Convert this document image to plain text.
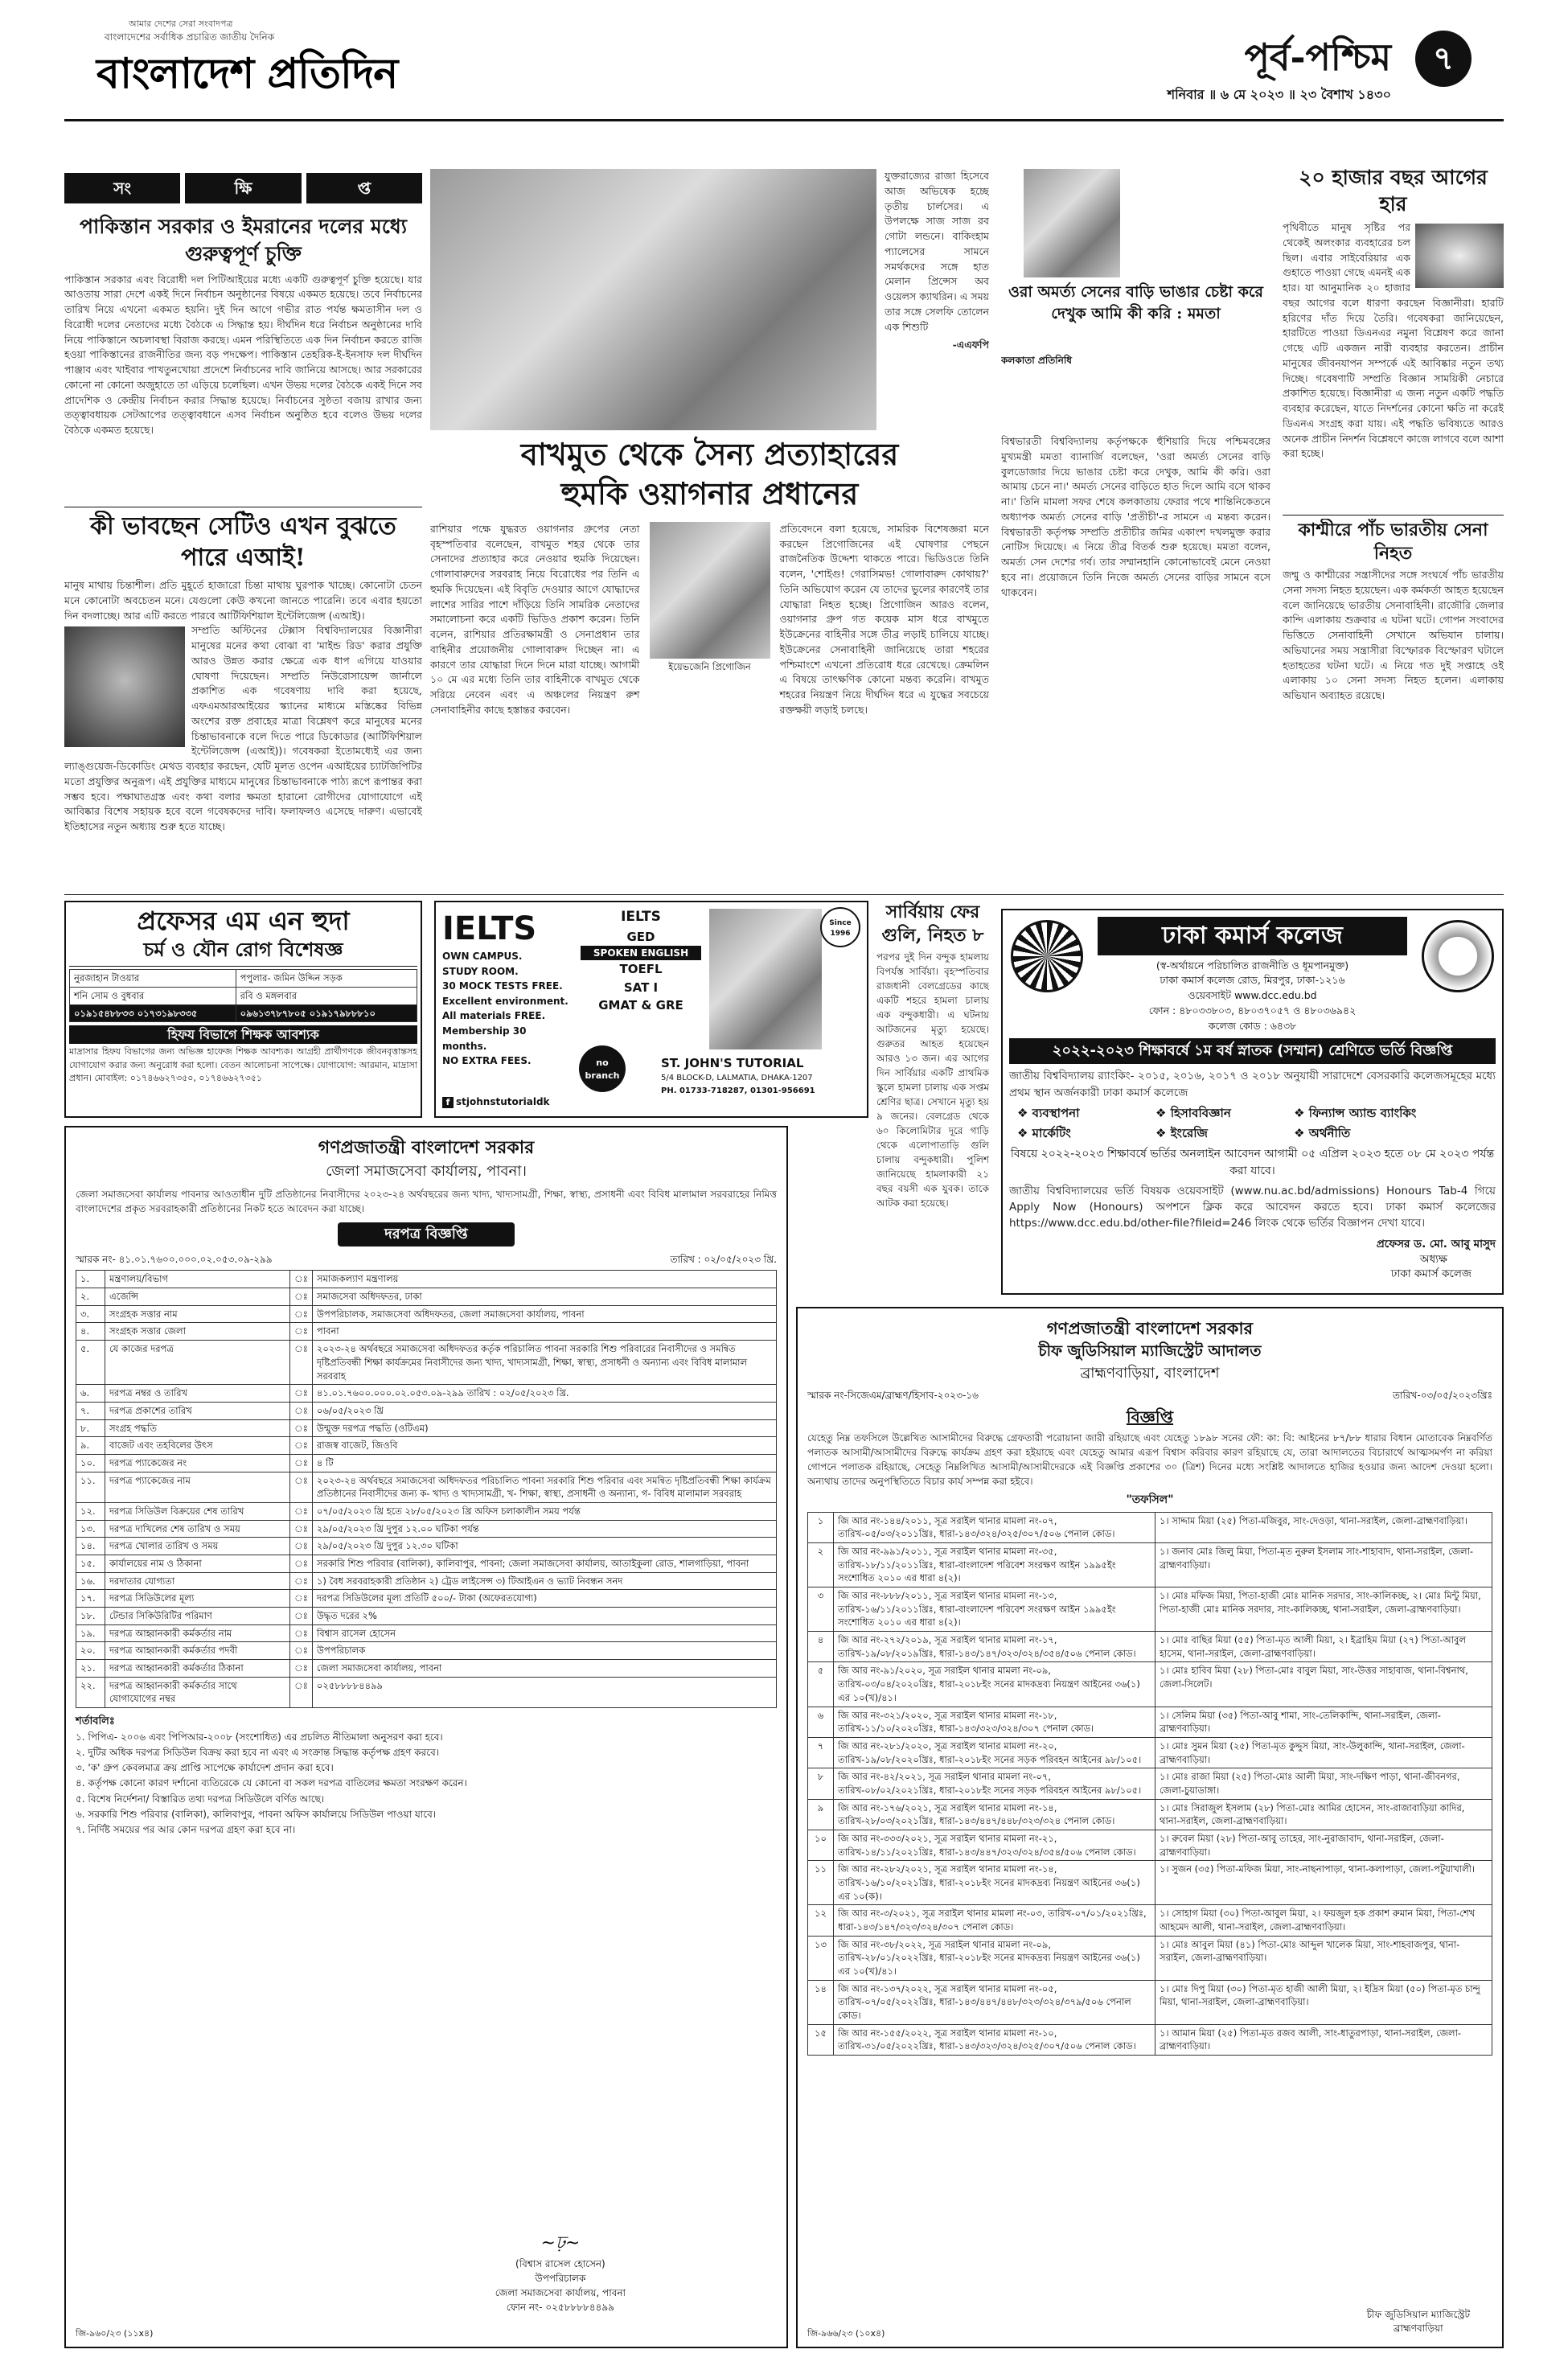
আমার দেশের সেরা সংবাদপত্র
বাংলাদেশের সর্বাধিক প্রচারিত জাতীয় দৈনিক
বাংলাদেশ প্রতিদিন	পূর্ব-পশ্চিম	৭
শনিবার ॥ ৬ মে ২০২৩ ॥ ২৩ বৈশাখ ১৪৩০
সং	ক্ষি	প্ত
পাকিস্তান সরকার ও ইমরানের দলের মধ্যে গুরুত্বপূর্ণ চুক্তি
পাকিস্তান সরকার এবং বিরোধী দল পিটিআইয়ের মধ্যে একটি গুরুত্বপূর্ণ চুক্তি হয়েছে। যার আওতায় সারা দেশে একই দিনে নির্বাচন অনুষ্ঠানের বিষয়ে একমত হয়েছে। তবে নির্বাচনের তারিখ নিয়ে এখনো একমত হয়নি। দুই দিন আগে গভীর রাত পর্যন্ত ক্ষমতাসীন দল ও বিরোধী দলের নেতাদের মধ্যে বৈঠকে এ সিদ্ধান্ত হয়। দীর্ঘদিন ধরে নির্বাচন অনুষ্ঠানের দাবি নিয়ে পাকিস্তানে অচলাবস্থা বিরাজ করছে। এমন পরিস্থিতিতে এক দিন নির্বাচন করতে রাজি হওয়া পাকিস্তানের রাজনীতির জন্য বড় পদক্ষেপ। পাকিস্তান তেহরিক-ই-ইনসাফ দল দীর্ঘদিন পাঞ্জাব এবং খাইবার পাখতুনখোয়া প্রদেশে নির্বাচনের দাবি জানিয়ে আসছে। আর সরকারের কোনো না কোনো অজুহাতে তা এড়িয়ে চলেছিল। এখন উভয় দলের বৈঠকে একই দিনে সব প্রাদেশিক ও কেন্দ্রীয় নির্বাচন করার সিদ্ধান্ত হয়েছে। নির্বাচনের সুষ্ঠতা বজায় রাখার জন্য তত্ত্বাবধায়ক সেটআপের তত্ত্বাবধানে এসব নির্বাচন অনুষ্ঠিত হবে বলেও উভয় দলের বৈঠকে একমত হয়েছে।
কী ভাবছেন সেটিও এখন বুঝতে পারে এআই!
মানুষ মাথায় চিন্তাশীল। প্রতি মুহূর্তে হাজারো চিন্তা মাথায় ঘুরপাক খাচ্ছে। কোনোটা চেতন মনে কোনোটা অবচেতন মনে। যেগুলো কেউ কখনো জানতে পারেনি। তবে এবার হয়তো দিন বদলাচ্ছে। আর এটি করতে পারবে আর্টিফিশিয়াল ইন্টেলিজেন্স (এআই)।
সম্প্রতি অস্টিনের টেক্সাস বিশ্ববিদ্যালয়ের বিজ্ঞানীরা মানুষের মনের কথা বোঝা বা 'মাইন্ড রিড' করার প্রযুক্তি আরও উন্নত করার ক্ষেত্রে এক ধাপ এগিয়ে যাওয়ার ঘোষণা দিয়েছেন। সম্প্রতি নিউরোসায়েন্স জার্নালে প্রকাশিত এক গবেষণায় দাবি করা হয়েছে, এফএমআরআইয়ের স্ক্যানের মাধ্যমে মস্তিষ্কের বিভিন্ন অংশের রক্ত প্রবাহের মাত্রা বিশ্লেষণ করে মানুষের মনের চিন্তাভাবনাকে বলে দিতে পারে ডিকোডার (আর্টিফিশিয়াল ইন্টেলিজেন্স (এআই))। গবেষকরা ইতোমধ্যেই এর জন্য ল্যাঙ্গুয়েজ-ডিকোডিং মেথড ব্যবহার করছেন, যেটি মূলত ওপেন এআইয়ের চ্যাটজিপিটির মতো প্রযুক্তির অনুরূপ। এই প্রযুক্তির মাধ্যমে মানুষের চিন্তাভাবনাকে পাঠ্য রূপে রূপান্তর করা সম্ভব হবে। পক্ষাঘাতগ্রস্ত এবং কথা বলার ক্ষমতা হারানো রোগীদের যোগাযোগে এই আবিষ্কার বিশেষ সহায়ক হবে বলে গবেষকদের দাবি। ফলাফলও এসেছে দারুণ। এভাবেই ইতিহাসের নতুন অধ্যায় শুরু হতে যাচ্ছে।
যুক্তরাজ্যের রাজা হিসেবে আজ অভিষেক হচ্ছে তৃতীয় চার্লসের। এ উপলক্ষে সাজ সাজ রব গোটা লন্ডনে। বাকিংহাম প্যালেসের সামনে সমর্থকদের সঙ্গে হাত মেলান প্রিন্সেস অব ওয়েলস ক্যাথরিন। এ সময় তার সঙ্গে সেলফি তোলেন এক শিশুটি
-এএফপি
বাখমুত থেকে সৈন্য প্রত্যাহারের
হুমকি ওয়াগনার প্রধানের
রাশিয়ার পক্ষে যুদ্ধরত ওয়াগনার গ্রুপের নেতা বৃহস্পতিবার বলেছেন, বাখমুত শহর থেকে তার সেনাদের প্রত্যাহার করে নেওয়ার হুমকি দিয়েছেন। গোলাবারুদের সরবরাহ নিয়ে বিরোধের পর তিনি এ হুমকি দিয়েছেন। এই বিবৃতি দেওয়ার আগে যোদ্ধাদের লাশের সারির পাশে দাঁড়িয়ে তিনি সামরিক নেতাদের সমালোচনা করে একটি ভিডিও প্রকাশ করেন। তিনি বলেন, রাশিয়ার প্রতিরক্ষামন্ত্রী ও সেনাপ্রধান তার বাহিনীর প্রয়োজনীয় গোলাবারুদ দিচ্ছেন না। এ কারণে তার যোদ্ধারা দিনে দিনে মারা যাচ্ছে। আগামী ১০ মে এর মধ্যে তিনি তার বাহিনীকে বাখমুত থেকে সরিয়ে নেবেন এবং এ অঞ্চলের নিয়ন্ত্রণ রুশ সেনাবাহিনীর কাছে হস্তান্তর করবেন।
ইয়েভজেনি প্রিগোজিন
প্রতিবেদনে বলা হয়েছে, সামরিক বিশেষজ্ঞরা মনে করছেন প্রিগোজিনের এই ঘোষণার পেছনে রাজনৈতিক উদ্দেশ্য থাকতে পারে। ভিডিওতে তিনি বলেন, 'শোইগু! গেরাসিমভ! গোলাবারুদ কোথায়?' তিনি অভিযোগ করেন যে তাদের ভুলের কারণেই তার যোদ্ধারা নিহত হচ্ছে। প্রিগোজিন আরও বলেন, ওয়াগনার গ্রুপ গত কয়েক মাস ধরে বাখমুতে ইউক্রেনের বাহিনীর সঙ্গে তীব্র লড়াই চালিয়ে যাচ্ছে। ইউক্রেনের সেনাবাহিনী জানিয়েছে তারা শহরের পশ্চিমাংশে এখনো প্রতিরোধ ধরে রেখেছে। ক্রেমলিন এ বিষয়ে তাৎক্ষণিক কোনো মন্তব্য করেনি। বাখমুত শহরের নিয়ন্ত্রণ নিয়ে দীর্ঘদিন ধরে এ যুদ্ধের সবচেয়ে রক্তক্ষয়ী লড়াই চলছে।
ওরা অমর্ত্য সেনের বাড়ি ভাঙার চেষ্টা করে দেখুক আমি কী করি : মমতা
কলকাতা প্রতিনিধি
বিশ্বভারতী বিশ্ববিদ্যালয় কর্তৃপক্ষকে হুঁশিয়ারি দিয়ে পশ্চিমবঙ্গের মুখ্যমন্ত্রী মমতা ব্যানার্জি বলেছেন, 'ওরা অমর্ত্য সেনের বাড়ি বুলডোজার দিয়ে ভাঙার চেষ্টা করে দেখুক, আমি কী করি। ওরা আমায় চেনে না।' অমর্ত্য সেনের বাড়িতে হাত দিলে আমি বসে থাকব না।' তিনি মামলা সফর শেষে কলকাতায় ফেরার পথে শান্তিনিকেতনে অধ্যাপক অমর্ত্য সেনের বাড়ি 'প্রতীচী'-র সামনে এ মন্তব্য করেন। বিশ্বভারতী কর্তৃপক্ষ সম্প্রতি প্রতীচীর জমির একাংশ দখলমুক্ত করার নোটিস দিয়েছে। এ নিয়ে তীব্র বিতর্ক শুরু হয়েছে। মমতা বলেন, অমর্ত্য সেন দেশের গর্ব। তার সম্মানহানি কোনোভাবেই মেনে নেওয়া হবে না। প্রয়োজনে তিনি নিজে অমর্ত্য সেনের বাড়ির সামনে বসে থাকবেন।
২০ হাজার বছর আগের হার
পৃথিবীতে মানুষ সৃষ্টির পর থেকেই অলংকার ব্যবহারের চল ছিল। এবার সাইবেরিয়ার এক গুহাতে পাওয়া গেছে এমনই এক হার। যা আনুমানিক ২০ হাজার বছর আগের বলে ধারণা করছেন বিজ্ঞানীরা। হারটি হরিণের দাঁত দিয়ে তৈরি। গবেষকরা জানিয়েছেন, হারটিতে পাওয়া ডিএনএর নমুনা বিশ্লেষণ করে জানা গেছে এটি একজন নারী ব্যবহার করতেন। প্রাচীন মানুষের জীবনযাপন সম্পর্কে এই আবিষ্কার নতুন তথ্য দিচ্ছে। গবেষণাটি সম্প্রতি বিজ্ঞান সাময়িকী নেচারে প্রকাশিত হয়েছে। বিজ্ঞানীরা এ জন্য নতুন একটি পদ্ধতি ব্যবহার করেছেন, যাতে নিদর্শনের কোনো ক্ষতি না করেই ডিএনএ সংগ্রহ করা যায়। এই পদ্ধতি ভবিষ্যতে আরও অনেক প্রাচীন নিদর্শন বিশ্লেষণে কাজে লাগবে বলে আশা করা হচ্ছে।
কাশ্মীরে পাঁচ ভারতীয় সেনা নিহত
জম্মু ও কাশ্মীরের সন্ত্রাসীদের সঙ্গে সংঘর্ষে পাঁচ ভারতীয় সেনা সদস্য নিহত হয়েছেন। এক কর্মকর্তা আহত হয়েছেন বলে জানিয়েছে ভারতীয় সেনাবাহিনী। রাজৌরি জেলার কান্দি এলাকায় শুক্রবার এ ঘটনা ঘটে। গোপন সংবাদের ভিত্তিতে সেনাবাহিনী সেখানে অভিযান চালায়। অভিযানের সময় সন্ত্রাসীরা বিস্ফোরক বিস্ফোরণ ঘটালে হতাহতের ঘটনা ঘটে। এ নিয়ে গত দুই সপ্তাহে ওই এলাকায় ১০ সেনা সদস্য নিহত হলেন। এলাকায় অভিযান অব্যাহত রয়েছে।
প্রফেসর এম এন হুদা
চর্ম ও যৌন রোগ বিশেষজ্ঞ
নুরজাহান টাওয়ার	পপুলার- জমিন উদ্দিন সড়ক
শনি সোম ও বুধবার	রবি ও মঙ্গলবার
০১৯১৫৪৮৮৩৩ ০১৭৩১৯৮৩৩৫	০৯৬১৩৭৮৭৮০৫ ০১৯১৭৯৮৮৮১০
হিফয বিভাগে শিক্ষক আবশ্যক
মাদ্রাসার হিফয বিভাগের জন্য অভিজ্ঞ হাফেজ শিক্ষক আবশ্যক। আগ্রহী প্রার্থীগণকে জীবনবৃত্তান্তসহ যোগাযোগ করার জন্য অনুরোধ করা হলো। বেতন আলোচনা সাপেক্ষে। যোগাযোগ: আরমান, মাদ্রাসা প্রধান। মোবাইল: ০১৭৪৬৬২৭৩৫০, ০১৭৪৬৬২৭৩৫১
IELTS
OWN CAMPUS.
STUDY ROOM.
30 MOCK TESTS FREE.
Excellent environment.
All materials FREE.
Membership 30 months.
NO EXTRA FEES.
IELTS
GED
SPOKEN ENGLISH
TOEFL
SAT I
GMAT & GRE
Since 1996
no branch
ST. JOHN'S TUTORIAL
5/4 BLOCK-D, LALMATIA, DHAKA-1207
PH. 01733-718287, 01301-956691
f stjohnstutorialdk
সার্বিয়ায় ফের গুলি, নিহত ৮
পরপর দুই দিন বন্দুক হামলায় বিপর্যস্ত সার্বিয়া। বৃহস্পতিবার রাজধানী বেলগ্রেডের কাছে একটি শহরে হামলা চালায় এক বন্দুকধারী। এ ঘটনায় আটজনের মৃত্যু হয়েছে। গুরুতর আহত হয়েছেন আরও ১৩ জন। এর আগের দিন সার্বিয়ার একটি প্রাথমিক স্কুলে হামলা চালায় এক সপ্তম শ্রেণির ছাত্র। সেখানে মৃত্যু হয় ৯ জনের। বেলগ্রেড থেকে ৬০ কিলোমিটার দূরে গাড়ি থেকে এলোপাতাড়ি গুলি চালায় বন্দুকধারী। পুলিশ জানিয়েছে হামলাকারী ২১ বছর বয়সী এক যুবক। তাকে আটক করা হয়েছে।
ঢাকা কমার্স কলেজ
(স্ব-অর্থায়নে পরিচালিত রাজনীতি ও ধূমপানমুক্ত)
ঢাকা কমার্স কলেজ রোড, মিরপুর, ঢাকা-১২১৬
ওয়েবসাইট www.dcc.edu.bd
ফোন : ৪৮০৩৩৮০৩, ৪৮০৩৭০৫৭ ও ৪৮০৩৬৯৪২
কলেজ কোড : ৬৪৩৮
২০২২-২০২৩ শিক্ষাবর্ষে ১ম বর্ষ স্নাতক (সম্মান) শ্রেণিতে ভর্তি বিজ্ঞপ্তি
জাতীয় বিশ্ববিদ্যালয় র‍্যাংকিং- ২০১৫, ২০১৬, ২০১৭ ও ২০১৮ অনুযায়ী সারাদেশে বেসরকারি কলেজসমূহের মধ্যে প্রথম স্থান অর্জনকারী ঢাকা কমার্স কলেজে
❖ ব্যবস্থাপনা	❖ হিসাববিজ্ঞান	❖ ফিন্যান্স অ্যান্ড ব্যাংকিং
❖ মার্কেটিং	❖ ইংরেজি	❖ অর্থনীতি
বিষয়ে ২০২২-২০২৩ শিক্ষাবর্ষে ভর্তির অনলাইন আবেদন আগামী ০৫ এপ্রিল ২০২৩ হতে ০৮ মে ২০২৩ পর্যন্ত করা যাবে।
জাতীয় বিশ্ববিদ্যালয়ের ভর্তি বিষয়ক ওয়েবসাইট (www.nu.ac.bd/admissions) Honours Tab-4 গিয়ে Apply Now (Honours) অপশনে ক্লিক করে আবেদন করতে হবে। ঢাকা কমার্স কলেজের https://www.dcc.edu.bd/other-file?fileid=246 লিংক থেকে ভর্তির বিজ্ঞাপন দেখা যাবে।
প্রফেসর ড. মো. আবু মাসুদ
অধ্যক্ষ
ঢাকা কমার্স কলেজ
গণপ্রজাতন্ত্রী বাংলাদেশ সরকার
জেলা সমাজসেবা কার্যালয়, পাবনা।
জেলা সমাজসেবা কার্যালয় পাবনার আওতাধীন দুটি প্রতিষ্ঠানের নিবাসীদের ২০২৩-২৪ অর্থবছরের জন্য খাদ্য, খাদ্যসামগ্রী, শিক্ষা, স্বাস্থ্য, প্রসাধনী এবং বিবিধ মালামাল সরবরাহের নিমিত্ত বাংলাদেশের প্রকৃত সরবরাহকারী প্রতিষ্ঠানের নিকট হতে আবেদন করা যাচ্ছে।
দরপত্র বিজ্ঞপ্তি
স্মারক নং- ৪১.০১.৭৬০০.০০০.০২.০৫৩.০৯-২৯৯	তারিখ : ০২/০৫/২০২৩ খ্রি.
১.	মন্ত্রণালয়/বিভাগ	ঃ	সমাজকল্যাণ মন্ত্রণালয়
২.	এজেন্সি	ঃ	সমাজসেবা অধিদফতর, ঢাকা
৩.	সংগ্রহক সত্তার নাম	ঃ	উপপরিচালক, সমাজসেবা অধিদফতর, জেলা সমাজসেবা কার্যালয়, পাবনা
৪.	সংগ্রহক সত্তার জেলা	ঃ	পাবনা
৫.	যে কাজের দরপত্র	ঃ	২০২৩-২৪ অর্থবছরে সমাজসেবা অধিদফতর কর্তৃক পরিচালিত পাবনা সরকারি শিশু পরিবারের নিবাসীদের ও সমন্বিত দৃষ্টিপ্রতিবন্ধী শিক্ষা কার্যক্রমের নিবাসীদের জন্য খাদ্য, খাদ্যসামগ্রী, শিক্ষা, স্বাস্থ্য, প্রসাধনী ও অন্যান্য এবং বিবিধ মালামাল সরবরাহ
৬.	দরপত্র নম্বর ও তারিখ	ঃ	৪১.০১.৭৬০০.০০০.০২.০৫৩.০৯-২৯৯ তারিখ : ০২/০৫/২০২৩ খ্রি.
৭.	দরপত্র প্রকাশের তারিখ	ঃ	০৬/০৫/২০২৩ খ্রি
৮.	সংগ্রহ পদ্ধতি	ঃ	উন্মুক্ত দরপত্র পদ্ধতি (ওটিএম)
৯.	বাজেট এবং তহবিলের উৎস	ঃ	রাজস্ব বাজেট, জিওবি
১০.	দরপত্র প্যাকেজের নং	ঃ	৪ টি
১১.	দরপত্র প্যাকেজের নাম	ঃ	২০২৩-২৪ অর্থবছরে সমাজসেবা অধিদফতর পরিচালিত পাবনা সরকারি শিশু পরিবার এবং সমন্বিত দৃষ্টিপ্রতিবন্ধী শিক্ষা কার্যক্রম প্রতিষ্ঠানের নিবাসীদের জন্য ক- খাদ্য ও খাদ্যসামগ্রী, খ- শিক্ষা, স্বাস্থ্য, প্রসাধনী ও অন্যান্য, গ- বিবিধ মালামাল সরবরাহ
১২.	দরপত্র সিডিউল বিক্রয়ের শেষ তারিখ	ঃ	০৭/০৫/২০২৩ খ্রি হতে ২৮/০৫/২০২৩ খ্রি অফিস চলাকালীন সময় পর্যন্ত
১৩.	দরপত্র দাখিলের শেষ তারিখ ও সময়	ঃ	২৯/০৫/২০২৩ খ্রি দুপুর ১২.০০ ঘটিকা পর্যন্ত
১৪.	দরপত্র খোলার তারিখ ও সময়	ঃ	২৯/০৫/২০২৩ খ্রি দুপুর ১২.৩০ ঘটিকা
১৫.	কার্যালয়ের নাম ও ঠিকানা	ঃ	সরকারি শিশু পরিবার (বালিকা), কালিবাপুর, পাবনা; জেলা সমাজসেবা কার্যালয়, আতাইকুলা রোড, শালগাড়িয়া, পাবনা
১৬.	দরদাতার যোগ্যতা	ঃ	১) বৈধ সরবরাহকারী প্রতিষ্ঠান ২) ট্রেড লাইসেন্স ৩) টিআইএন ও ভ্যাট নিবন্ধন সনদ
১৭.	দরপত্র সিডিউলের মূল্য	ঃ	দরপত্র সিডিউলের মূল্য প্রতিটি ৫০০/- টাকা (অফেরতযোগ্য)
১৮.	টেন্ডার সিকিউরিটির পরিমাণ	ঃ	উদ্ধৃত দরের ২%
১৯.	দরপত্র আহ্বানকারী কর্মকর্তার নাম	ঃ	বিশ্বাস রাসেল হোসেন
২০.	দরপত্র আহ্বানকারী কর্মকর্তার পদবী	ঃ	উপপরিচালক
২১.	দরপত্র আহ্বানকারী কর্মকর্তার ঠিকানা	ঃ	জেলা সমাজসেবা কার্যালয়, পাবনা
২২.	দরপত্র আহ্বানকারী কর্মকর্তার সাথে যোগাযোগের নম্বর	ঃ	০২৫৮৮৮৮৪৪৯৯
শর্তাবলিঃ
১. পিপিএ- ২০০৬ এবং পিপিআর-২০০৮ (সংশোধিত) এর প্রচলিত নীতিমালা অনুসরণ করা হবে।
২. দুটির অধিক দরপত্র সিডিউল বিক্রয় করা হবে না এবং এ সংক্রান্ত সিদ্ধান্ত কর্তৃপক্ষ গ্রহণ করবে।
৩. 'ক' গ্রুপ কেবলমাত্র ক্রয় প্রাপ্তি সাপেক্ষে কার্যাদেশ প্রদান করা হবে।
৪. কর্তৃপক্ষ কোনো কারণ দর্শানো ব্যতিরেকে যে কোনো বা সকল দরপত্র বাতিলের ক্ষমতা সংরক্ষণ করেন।
৫. বিশেষ নির্দেশনা/ বিস্তারিত তথ্য দরপত্র সিডিউলে বর্ণিত আছে।
৬. সরকারি শিশু পরিবার (বালিকা), কালিবাপুর, পাবনা অফিস কার্যালয়ে সিডিউল পাওয়া যাবে।
৭. নির্দিষ্ট সময়ের পর আর কোন দরপত্র গ্রহণ করা হবে না।
~ঢ়~
(বিশ্বাস রাসেল হোসেন)
উপপরিচালক
জেলা সমাজসেবা কার্যালয়, পাবনা
ফোন নং- ০২৫৮৮৮৮৪৪৯৯
জি-৯৬০/২৩ (১১x৪)
গণপ্রজাতন্ত্রী বাংলাদেশ সরকার
চীফ জুডিসিয়াল ম্যাজিস্ট্রেট আদালত
ব্রাহ্মণবাড়িয়া, বাংলাদেশ
স্মারক নং-সিজেএম/ব্রাহ্মণ/হিসাব-২০২৩-১৬	তারিখ-০৩/০৫/২০২৩খ্রিঃ
বিজ্ঞপ্তি
যেহেতু নিম্ন তফসিলে উল্লেখিত আসামীদের বিরুদ্ধে গ্রেফতারী পরোয়ানা জারী রহিয়াছে এবং যেহেতু ১৮৯৮ সনের ফৌ: কা: বি: আইনের ৮৭/৮৮ ধারার বিধান মোতাবেক নিম্নবর্ণিত পলাতক আসামী/আসামীদের বিরুদ্ধে কার্যক্রম গ্রহণ করা হইয়াছে এবং যেহেতু আমার এরূপ বিশ্বাস করিবার কারণ রহিয়াছে যে, তারা আদালতের বিচারার্থে আত্মসমর্পণ না করিয়া গোপনে পলাতক রহিয়াছে, সেহেতু নিম্নলিখিত আসামী/আসামীদেরকে এই বিজ্ঞপ্তি প্রকাশের ৩০ (ত্রিশ) দিনের মধ্যে সংশ্লিষ্ট আদালতে হাজির হওয়ার জন্য আদেশ দেওয়া হলো। অন্যথায় তাদের অনুপস্থিতিতে বিচার কার্য সম্পন্ন করা হইবে।
"তফসিল"
১	জি আর নং-১৪৪/২০১১, সূত্র সরাইল থানার মামলা নং-০৭, তারিখ-০৫/০৩/২০১১খ্রিঃ, ধারা-১৪৩/৩২৪/৩২৫/৩০৭/৫০৬ পেনাল কোড।	১। সাদ্দাম মিয়া (২৫) পিতা-মজিবুর, সাং-দেওড়া, থানা-সরাইল, জেলা-ব্রাহ্মণবাড়িয়া।
২	জি আর নং-৯৯১/২০১১, সূত্র সরাইল থানার মামলা নং-৩৫, তারিখ-১৮/১১/২০১১খ্রিঃ, ধারা-বাংলাদেশ পরিবেশ সংরক্ষণ আইন ১৯৯৫ইং সংশোধিত ২০১০ এর ধারা ৪(২)।	১। জনাব মোঃ জিলু মিয়া, পিতা-মৃত নুরুল ইসলাম সাং-শাহাবাদ, থানা-সরাইল, জেলা-ব্রাহ্মণবাড়িয়া।
৩	জি আর নং-৮৮৮/২০১১, সূত্র সরাইল থানার মামলা নং-১৩, তারিখ-১৬/১১/২০১১খ্রিঃ, ধারা-বাংলাদেশ পরিবেশ সংরক্ষণ আইন ১৯৯৫ইং সংশোধিত ২০১০ এর ধারা ৪(২)।	১। মোঃ মফিজ মিয়া, পিতা-হাজী মোঃ মানিক সরদার, সাং-কালিকচ্ছ, ২। মোঃ মিন্টু মিয়া, পিতা-হাজী মোঃ মানিক সরদার, সাং-কালিকচ্ছ, থানা-সরাইল, জেলা-ব্রাহ্মণবাড়িয়া।
৪	জি আর নং-২৭২/২০১৯, সূত্র সরাইল থানার মামলা নং-১৭, তারিখ-১৯/০৮/২০১৯খ্রিঃ, ধারা-১৪৩/১৪৭/৩২৩/৩২৪/৩৫৪/৫০৬ পেনাল কোড।	১। মোঃ বাছির মিয়া (৫৫) পিতা-মৃত আলী মিয়া, ২। ইব্রাহিম মিয়া (২৭) পিতা-আবুল হাসেম, থানা-সরাইল, জেলা-ব্রাহ্মণবাড়িয়া।
৫	জি আর নং-৯১/২০২০, সূত্র সরাইল থানার মামলা নং-০৯, তারিখ-০৩/০৪/২০২০খ্রিঃ, ধারা-২০১৮ইং সনের মাদকদ্রব্য নিয়ন্ত্রণ আইনের ৩৬(১) এর ১০(খ)/৪১।	১। মোঃ হাবিব মিয়া (২৮) পিতা-মোঃ বাবুল মিয়া, সাং-উত্তর সাহাবাজ, থানা-বিশ্বনাথ, জেলা-সিলেট।
৬	জি আর নং-৩২১/২০২০, সূত্র সরাইল থানার মামলা নং-১৮, তারিখ-১১/১০/২০২০খ্রিঃ, ধারা-১৪৩/৩২৩/৩২৪/৩০৭ পেনাল কোড।	১। সেলিম মিয়া (৩৫) পিতা-আবু শামা, সাং-তেলিকান্দি, থানা-সরাইল, জেলা-ব্রাহ্মণবাড়িয়া।
৭	জি আর নং-২৮১/২০২০, সূত্র সরাইল থানার মামলা নং-২০, তারিখ-১৯/০৮/২০২০খ্রিঃ, ধারা-২০১৮ইং সনের সড়ক পরিবহন আইনের ৯৮/১০৫।	১। মোঃ সুমন মিয়া (২৫) পিতা-মৃত কুদ্দুস মিয়া, সাং-উলুকান্দি, থানা-সরাইল, জেলা-ব্রাহ্মণবাড়িয়া।
৮	জি আর নং-৪২/২০২১, সূত্র সরাইল থানার মামলা নং-০৭, তারিখ-০৮/০২/২০২১খ্রিঃ, ধারা-২০১৮ইং সনের সড়ক পরিবহন আইনের ৯৮/১০৫।	১। মোঃ রাজা মিয়া (২৫) পিতা-মোঃ আলী মিয়া, সাং-দক্ষিণ পাড়া, থানা-জীবনগর, জেলা-চুয়াডাঙ্গা।
৯	জি আর নং-১৭৬/২০২১, সূত্র সরাইল থানার মামলা নং-১৪, তারিখ-২৮/০৩/২০২১খ্রিঃ, ধারা-১৪৩/৪৪৭/৪৪৮/৩২৩/৩২৪ পেনাল কোড।	১। মোঃ সিরাজুল ইসলাম (২৮) পিতা-মোঃ আমির হোসেন, সাং-রাজাবাড়িয়া কাদির, থানা-সরাইল, জেলা-ব্রাহ্মণবাড়িয়া।
১০	জি আর নং-৩৩৩/২০২১, সূত্র সরাইল থানার মামলা নং-২১, তারিখ-১৪/১১/২০২১খ্রিঃ, ধারা-১৪৩/৪৪৭/৩২৩/৩২৪/৩৫৪/৫০৬ পেনাল কোড।	১। রুবেল মিয়া (২৮) পিতা-আবু তাহের, সাং-নুরাজাবাদ, থানা-সরাইল, জেলা-ব্রাহ্মণবাড়িয়া।
১১	জি আর নং-২৮২/২০২১, সূত্র সরাইল থানার মামলা নং-১৪, তারিখ-১৬/১০/২০২১খ্রিঃ, ধারা-২০১৮ইং সনের মাদকদ্রব্য নিয়ন্ত্রণ আইনের ৩৬(১) এর ১০(ক)।	১। সুজন (৩৫) পিতা-মফিজ মিয়া, সাং-নাছনাপাড়া, থানা-কলাপাড়া, জেলা-পটুয়াখালী।
১২	জি আর নং-৩/২০২১, সূত্র সরাইল থানার মামলা নং-০৩, তারিখ-০৭/০১/২০২১খ্রিঃ, ধারা-১৪৩/১৪৭/৩২৩/৩২৪/৩০৭ পেনাল কোড।	১। সোহাগ মিয়া (৩০) পিতা-আবুল মিয়া, ২। ফয়জুল হক প্রকাশ রুমান মিয়া, পিতা-শেখ আহমেদ আলী, থানা-সরাইল, জেলা-ব্রাহ্মণবাড়িয়া।
১৩	জি আর নং-৩৮/২০২২, সূত্র সরাইল থানার মামলা নং-০৯, তারিখ-২৮/০১/২০২২খ্রিঃ, ধারা-২০১৮ইং সনের মাদকদ্রব্য নিয়ন্ত্রণ আইনের ৩৬(১) এর ১০(খ)/৪১।	১। মোঃ আবুল মিয়া (৪১) পিতা-মোঃ আব্দুল খালেক মিয়া, সাং-শাহবাজপুর, থানা-সরাইল, জেলা-ব্রাহ্মণবাড়িয়া।
১৪	জি আর নং-১৩৭/২০২২, সূত্র সরাইল থানার মামলা নং-০৫, তারিখ-০৭/০৫/২০২২খ্রিঃ, ধারা-১৪৩/৪৪৭/৪৪৮/৩২৩/৩২৪/৩৭৯/৫০৬ পেনাল কোড।	১। মোঃ দিপু মিয়া (৩০) পিতা-মৃত হাজী আলী মিয়া, ২। ইদ্রিস মিয়া (৫০) পিতা-মৃত চান্দু মিয়া, থানা-সরাইল, জেলা-ব্রাহ্মণবাড়িয়া।
১৫	জি আর নং-১৫৫/২০২২, সূত্র সরাইল থানার মামলা নং-১০, তারিখ-৩১/০৫/২০২২খ্রিঃ, ধারা-১৪৩/৩২৩/৩২৪/৩২৫/৩০৭/৫০৬ পেনাল কোড।	১। আমান মিয়া (২৫) পিতা-মৃত রজব আলী, সাং-ধাতুরপাড়া, থানা-সরাইল, জেলা-ব্রাহ্মণবাড়িয়া।
চীফ জুডিসিয়াল ম্যাজিস্ট্রেট
ব্রাহ্মণবাড়িয়া
জি-৯৬৬/২৩ (১০x৪)
